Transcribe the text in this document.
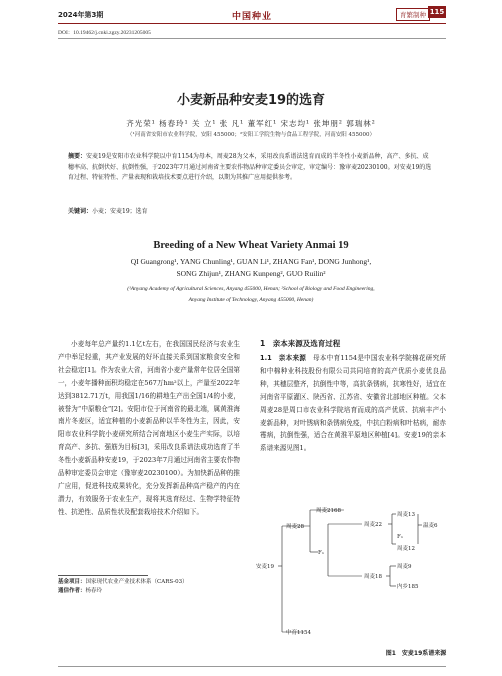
2024年第3期	中国种业	育繁制种 115
DOI：10.19462/j.cnki.zgzy.20231205005
小麦新品种安麦19的选育
齐光荣¹ 杨春玲¹ 关 立¹ 张 凡¹ 董军红¹ 宋志均¹ 张坤朋² 郭瑞林²
（¹河南省安阳市农业科学院，安阳 455000；²安阳工学院生物与食品工程学院，河南安阳 455000）
摘要：安麦19是安阳市农业科学院以中育1154为母本，周麦28为父本，采用改良系谱法选育而成的半冬性小麦新品种，高产、多抗、成穗率高、抗倒伏好、抗倒性强，于2023年7月通过河南省主要农作物品种审定委员会审定，审定编号：豫审麦20230100。对安麦19的选育过程、特征特性、产量表现和栽培技术要点进行介绍，以期为其推广应用提供参考。
关键词：小麦；安麦19；选育
Breeding of a New Wheat Variety Anmai 19
QI Guangrong¹, YANG Chunling¹, GUAN Li¹, ZHANG Fan¹, DONG Junhong¹,
SONG Zhijun¹, ZHANG Kunpeng², GUO Ruilin²
(¹Anyang Academy of Agricultural Sciences, Anyang 455000, Henan; ²School of Biology and Food Engineering,
Anyang Institute of Technology, Anyang 455000, Henan)
小麦每年总产量约1.1亿t左右，在我国国民经济与农业生产中举足轻重，其产业发展的好坏直接关系到国家粮食安全和社会稳定[1]。作为农业大省，河南省小麦产量常年位居全国第一，小麦年播种面积均稳定在567万hm²以上，产量至2022年达到3812.71万t，用我国1/16的耕地生产出全国1/4的小麦，被誉为“中原粮仓”[2]。安阳市位于河南省的最北端，属黄淮海南片冬麦区，适宜种植的小麦新品种以半冬性为主，因此，安阳市农业科学院小麦研究所结合河南地区小麦生产实际，以培育高产、多抗、强筋为目标[3]，采用改良系谱法成功选育了半冬性小麦新品种安麦19，于2023年7月通过河南省主要农作物品种审定委员会审定（豫审麦20230100）。为加快新品种的推广应用，促进科技成果转化，充分发挥新品种高产稳产的内在潜力，有效服务于农业生产，现将其选育经过、生物学特征特性、抗逆性、品质性状及配套栽培技术介绍如下。
1　亲本来源及选育过程
1.1　亲本来源　母本中育1154是中国农业科学院棉花研究所和中棉种业科技股份有限公司共同培育的高产优质小麦优良品种，其穗层整齐，抗倒性中等，高抗条锈病，抗寒性好，适宜在河南省平原灌区、陕西省、江苏省、安徽省北部地区种植。父本周麦28是周口市农业科学院培育而成的高产优质、抗病丰产小麦新品种，对叶锈病和条锈病免疫，中抗白粉病和叶枯病，耐赤霉病，抗倒性强，适合在黄淮平原地区种植[4]。安麦19的亲本系谱来源见图1。
安麦19
周麦28
中育1154
周麦2168
F₁
周麦22
周麦18
周麦13
F₁
温麦6
周麦12
周麦9
内乡185
图1　安麦19系谱来源
基金项目：国家现代农业产业技术体系（CARS-03）
通信作者：杨春玲
